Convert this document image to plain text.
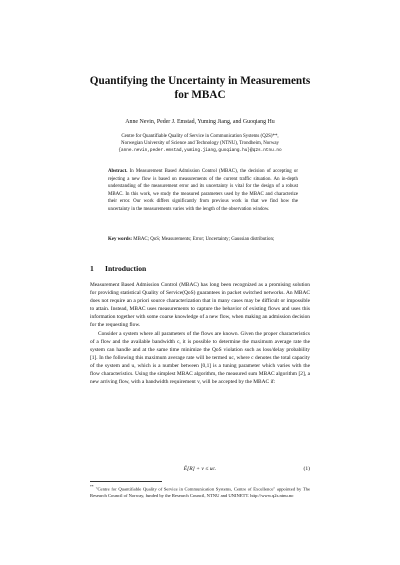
Quantifying the Uncertainty in Measurements
for MBAC
Anne Nevin, Peder J. Emstad, Yuming Jiang, and Guoqiang Hu
Centre for Quantifiable Quality of Service in Communication Systems (Q2S)**,
Norwegian University of Science and Technology (NTNU), Trondheim, Norway
{anne.nevin,peder.emstad,yuming.jiang,guoqiang.hu}@q2s.ntnu.no
Abstract. In Measurement Based Admission Control (MBAC), the decision of accepting or rejecting a new flow is based on measurements of the current traffic situation. An in-depth understanding of the measurement error and its uncertainty is vital for the design of a robust MBAC. In this work, we study the measured parameters used by the MBAC and characterize their error. Our work differs significantly from previous work in that we find how the uncertainty in the measurements varies with the length of the observation window.
Key words: MBAC; QoS; Measurements; Error; Uncertainty; Gaussian distribution;
1 Introduction

Measurement Based Admission Control (MBAC) has long been recognized as a promising solution for providing statistical Quality of Service(QoS) guarantees in packet switched networks. An MBAC does not require an a priori source characterization that in many cases may be difficult or impossible to attain. Instead, MBAC uses measurements to capture the behavior of existing flows and uses this information together with some coarse knowledge of a new flow, when making an admission decision for the requesting flow.

Consider a system where all parameters of the flows are known. Given the proper characteristics of a flow and the available bandwidth c, it is possible to determine the maximum average rate the system can handle and at the same time minimize the QoS violation such as loss/delay probability [1]. In the following this maximum average rate will be termed uc, where c denotes the total capacity of the system and u, which is a number between [0,1] is a tuning parameter which varies with the flow characteristics. Using the simplest MBAC algorithm, the measured sum MBAC algorithm [2], a new arriving flow, with a bandwidth requirement v, will be accepted by the MBAC if:

Ê[R] + ν ≤ uc.	(1)
** "Centre for Quantifiable Quality of Service in Communication Systems, Centre of Excellence" appointed by The Research Council of Norway, funded by the Research Council, NTNU and UNINETT. http://www.q2s.ntnu.no
